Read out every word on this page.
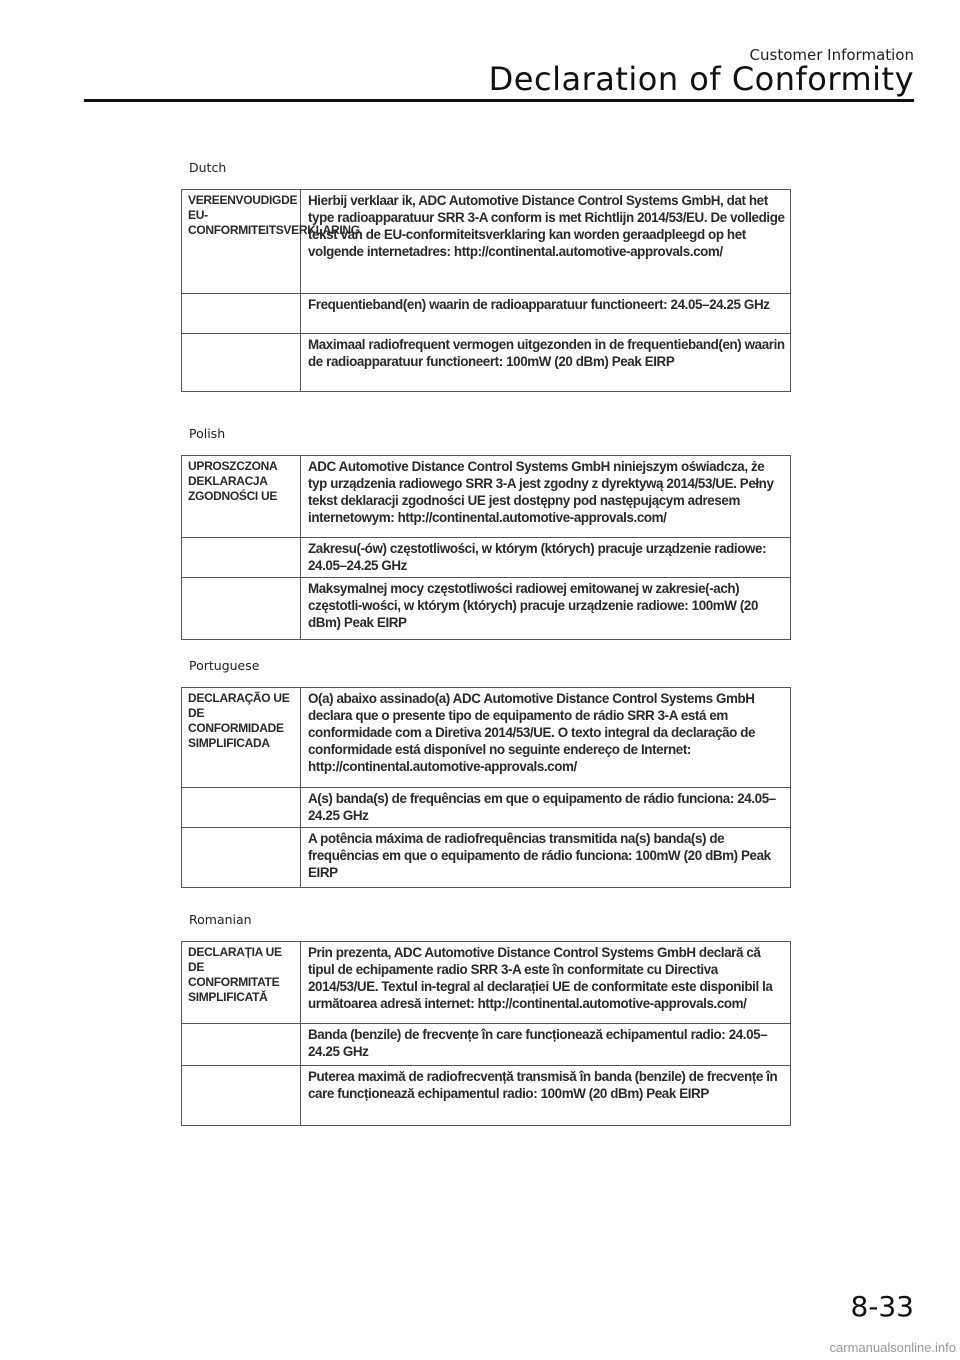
Customer Information
Declaration of Conformity
Dutch
VEREENVOUDIGDE EU-CONFORMITEITSVERKLARING	Hierbij verklaar ik, ADC Automotive Distance Control Systems GmbH, dat het type radioapparatuur SRR 3-A conform is met Richtlijn 2014/53/EU. De volledige tekst van de EU-conformiteitsverklaring kan worden geraadpleegd op het volgende internetadres: http://continental.automotive-approvals.com/
	Frequentieband(en) waarin de radioapparatuur functioneert: 24.05–24.25 GHz
	Maximaal radiofrequent vermogen uitgezonden in de frequentieband(en) waarin de radioapparatuur functioneert: 100mW (20 dBm) Peak EIRP
Polish
UPROSZCZONA DEKLARACJA ZGODNOŚCI UE	ADC Automotive Distance Control Systems GmbH niniejszym oświadcza, że typ urządzenia radiowego SRR 3-A jest zgodny z dyrektywą 2014/53/UE. Pełny tekst deklaracji zgodności UE jest dostępny pod następującym adresem internetowym: http://continental.automotive-approvals.com/
	Zakresu(-ów) częstotliwości, w którym (których) pracuje urządzenie radiowe: 24.05–24.25 GHz
	Maksymalnej mocy częstotliwości radiowej emitowanej w zakresie(-ach) częstotli-wości, w którym (których) pracuje urządzenie radiowe: 100mW (20 dBm) Peak EIRP
Portuguese
DECLARAÇÃO UE DE CONFORMIDADE SIMPLIFICADA	O(a) abaixo assinado(a) ADC Automotive Distance Control Systems GmbH declara que o presente tipo de equipamento de rádio SRR 3-A está em conformidade com a Diretiva 2014/53/UE. O texto integral da declaração de conformidade está disponível no seguinte endereço de Internet: http://continental.automotive-approvals.com/
	A(s) banda(s) de frequências em que o equipamento de rádio funciona: 24.05–24.25 GHz
	A potência máxima de radiofrequências transmitida na(s) banda(s) de frequências em que o equipamento de rádio funciona: 100mW (20 dBm) Peak EIRP
Romanian
DECLARAȚIA UE DE CONFORMITATE SIMPLIFICATĂ	Prin prezenta, ADC Automotive Distance Control Systems GmbH declară că tipul de echipamente radio SRR 3-A este în conformitate cu Directiva 2014/53/UE. Textul in-tegral al declarației UE de conformitate este disponibil la următoarea adresă internet: http://continental.automotive-approvals.com/
	Banda (benzile) de frecvențe în care funcționează echipamentul radio: 24.05–24.25 GHz
	Puterea maximă de radiofrecvență transmisă în banda (benzile) de frecvențe în care funcționează echipamentul radio: 100mW (20 dBm) Peak EIRP
8-33
carmanualsonline.info
